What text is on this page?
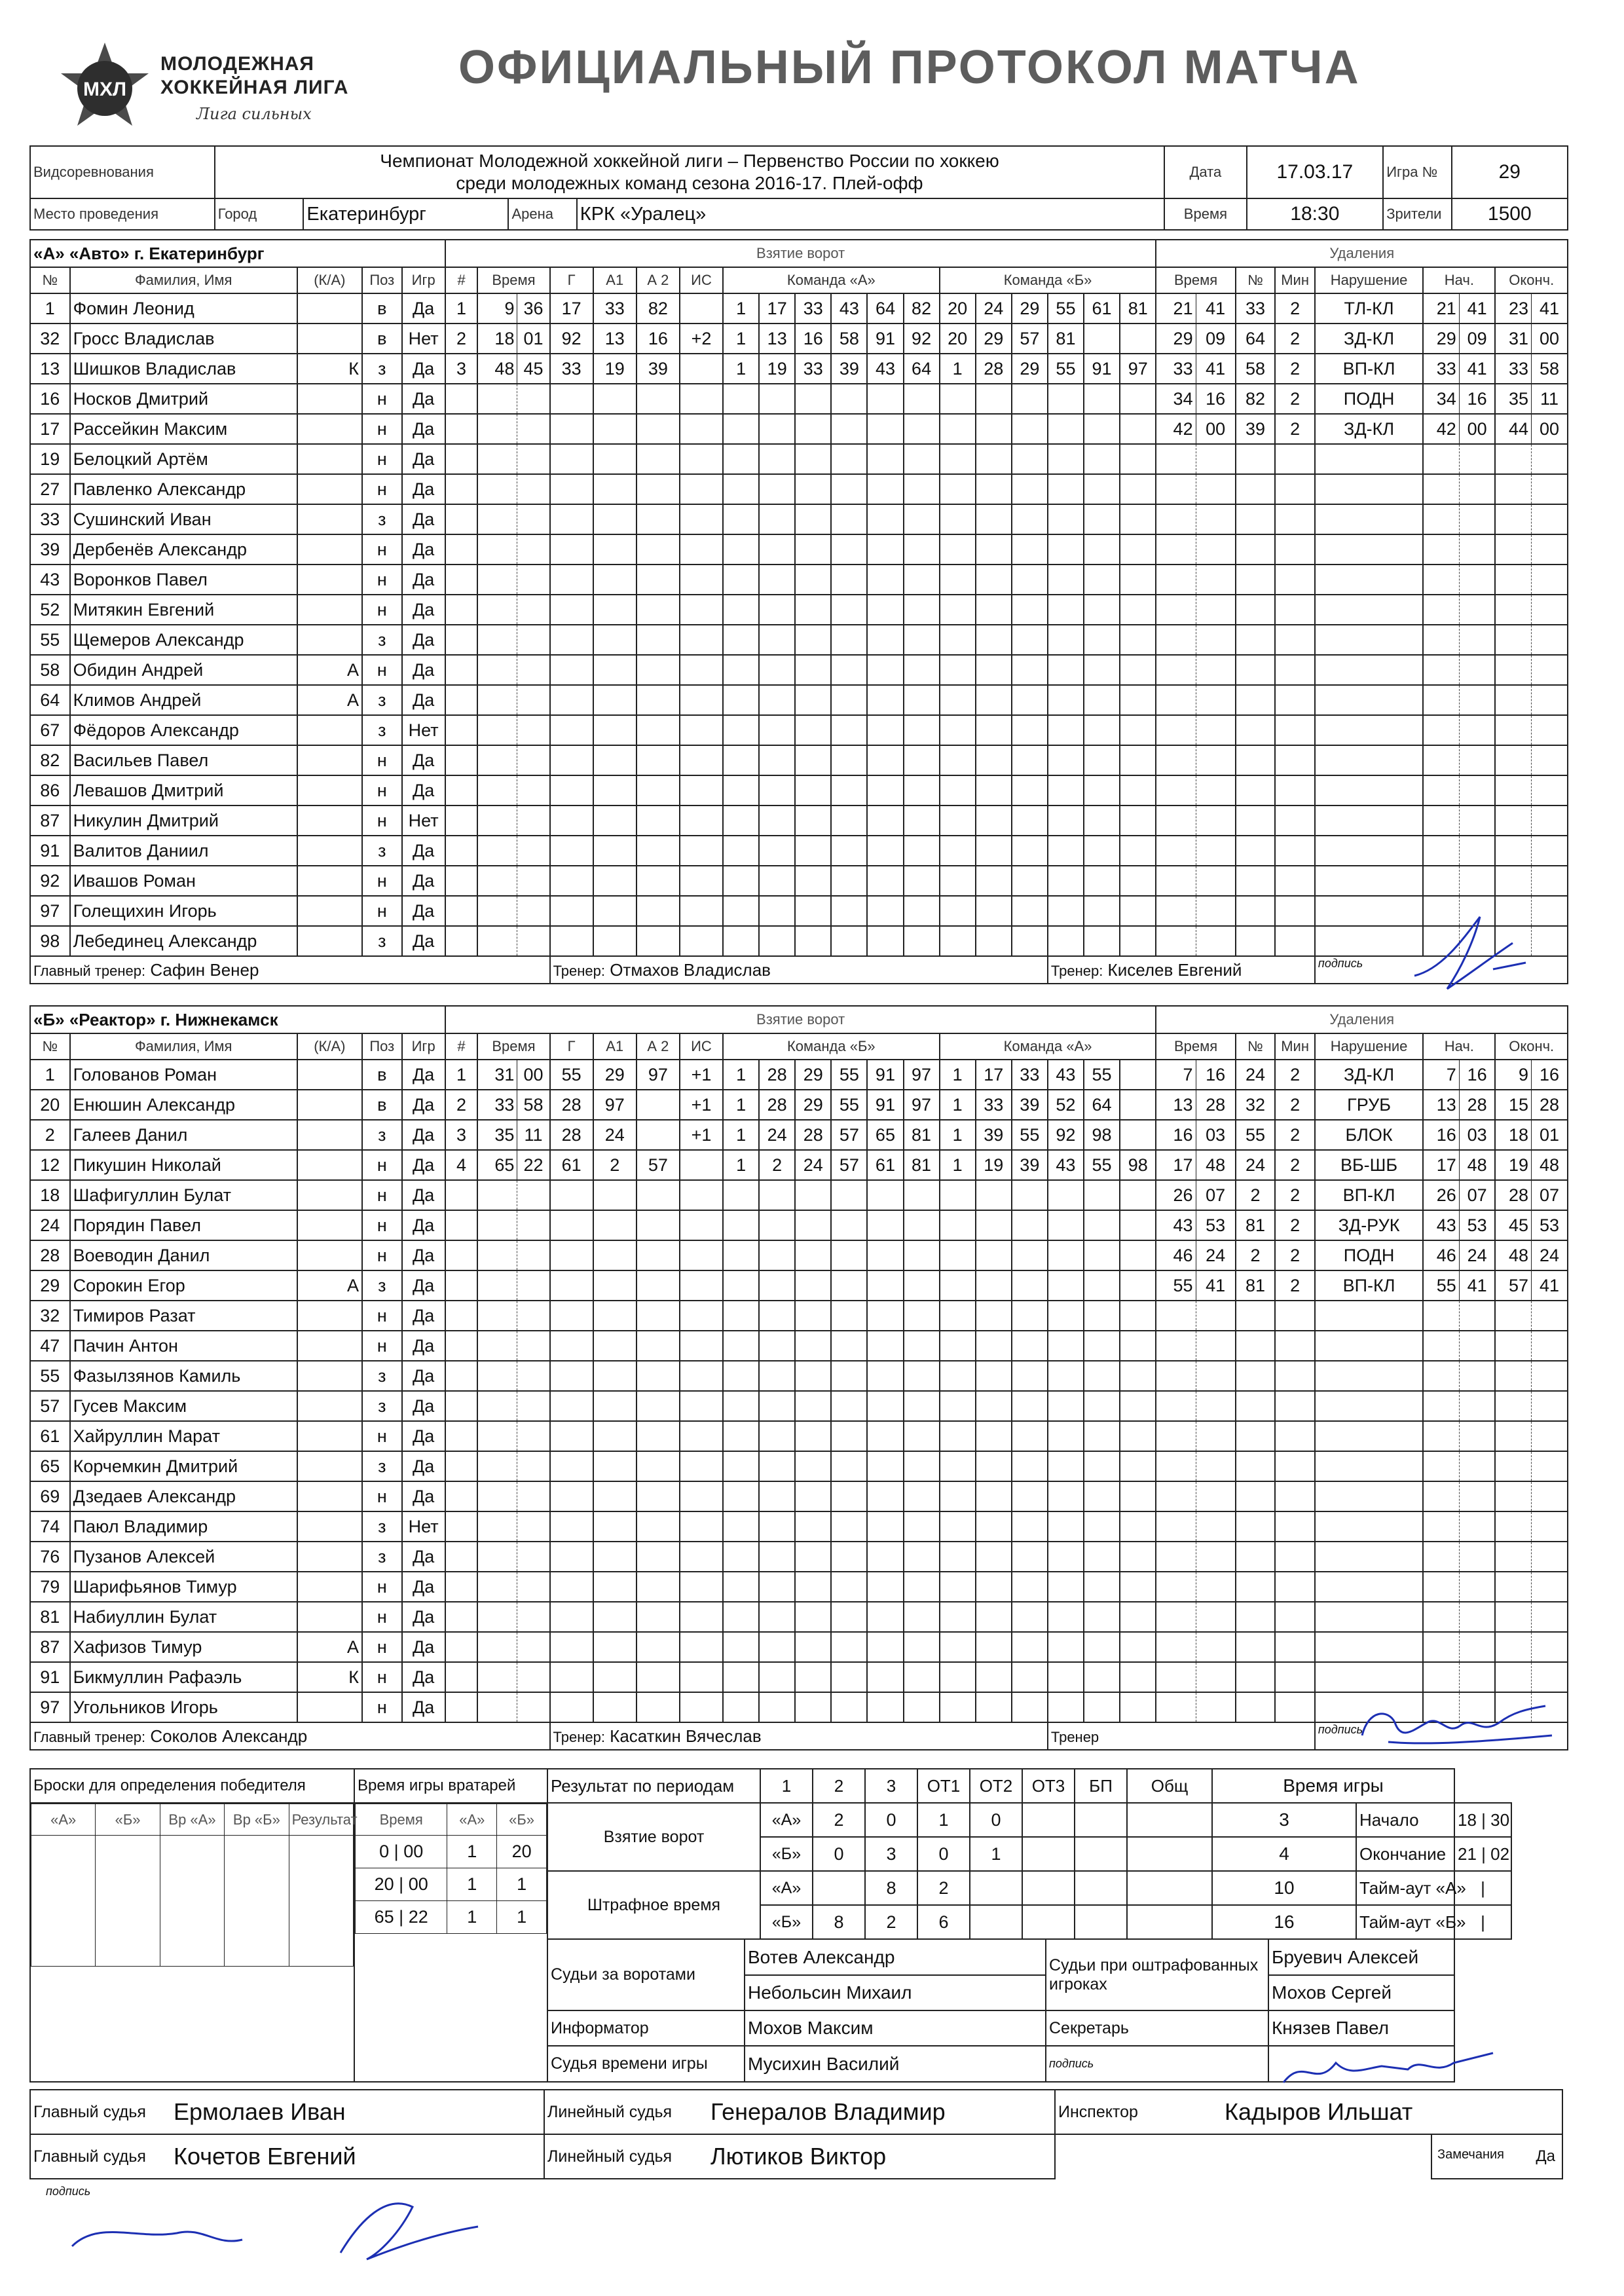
МХЛ
МОЛОДЕЖНАЯ
ХОККЕЙНАЯ ЛИГА
Лига сильных
ОФИЦИАЛЬНЫЙ ПРОТОКОЛ МАТЧА
Видсоревнования	Чемпионат Молодежной хоккейной лиги – Первенство России по хоккею
среди молодежных команд сезона 2016-17. Плей-офф				Дата	17.03.17	Игра №	29
Место проведения	Город	Екатеринбург	Арена	КРК «Уралец»	Время	18:30	Зрители	1500
«А» «Авто» г. Екатеринбург					Взятие ворот																			Удаления								
№	Фамилия, Имя	(К/А)	Поз	Игр	#	Время		Г	А1	А 2	ИС	Команда «А»						Команда «Б»						Время		№	Мин	Нарушение	Нач.		Оконч.	
1	Фомин Леонид		в	Да	1	9	36	17	33	82		1	17	33	43	64	82	20	24	29	55	61	81	21	41	33	2	ТЛ-КЛ	21	41	23	41
32	Гросс Владислав		в	Нет	2	18	01	92	13	16	+2	1	13	16	58	91	92	20	29	57	81			29	09	64	2	ЗД-КЛ	29	09	31	00
13	Шишков Владислав	К	з	Да	3	48	45	33	19	39		1	19	33	39	43	64	1	28	29	55	91	97	33	41	58	2	ВП-КЛ	33	41	33	58
16	Носков Дмитрий		н	Да																				34	16	82	2	ПОДН	34	16	35	11
17	Рассейкин Максим		н	Да																				42	00	39	2	ЗД-КЛ	42	00	44	00
19	Белоцкий Артём		н	Да																												
27	Павленко Александр		н	Да																												
33	Сушинский Иван		з	Да																												
39	Дербенёв Александр		н	Да																												
43	Воронков Павел		н	Да																												
52	Митякин Евгений		н	Да																												
55	Щемеров Александр		з	Да																												
58	Обидин Андрей	А	н	Да																												
64	Климов Андрей	А	з	Да																												
67	Фёдоров Александр		з	Нет																												
82	Васильев Павел		н	Да																												
86	Левашов Дмитрий		н	Да																												
87	Никулин Дмитрий		н	Нет																												
91	Валитов Даниил		з	Да																												
92	Ивашов Роман		н	Да																												
97	Голещихин Игорь		н	Да																												
98	Лебединец Александр		з	Да																												
Главный тренер: Сафин Венер								Тренер: Отмахов Владислав													Тренер: Киселев Евгений							подпись				
«Б» «Реактор» г. Нижнекамск					Взятие ворот																			Удаления								
№	Фамилия, Имя	(К/А)	Поз	Игр	#	Время		Г	А1	А 2	ИС	Команда «Б»						Команда «А»						Время		№	Мин	Нарушение	Нач.		Оконч.	
1	Голованов Роман		в	Да	1	31	00	55	29	97	+1	1	28	29	55	91	97	1	17	33	43	55		7	16	24	2	ЗД-КЛ	7	16	9	16
20	Енюшин Александр		в	Да	2	33	58	28	97		+1	1	28	29	55	91	97	1	33	39	52	64		13	28	32	2	ГРУБ	13	28	15	28
2	Галеев Данил		з	Да	3	35	11	28	24		+1	1	24	28	57	65	81	1	39	55	92	98		16	03	55	2	БЛОК	16	03	18	01
12	Пикушин Николай		н	Да	4	65	22	61	2	57		1	2	24	57	61	81	1	19	39	43	55	98	17	48	24	2	ВБ-ШБ	17	48	19	48
18	Шафигуллин Булат		н	Да																				26	07	2	2	ВП-КЛ	26	07	28	07
24	Порядин Павел		н	Да																				43	53	81	2	ЗД-РУК	43	53	45	53
28	Воеводин Данил		н	Да																				46	24	2	2	ПОДН	46	24	48	24
29	Сорокин Егор	А	з	Да																				55	41	81	2	ВП-КЛ	55	41	57	41
32	Тимиров Разат		н	Да																												
47	Пачин Антон		н	Да																												
55	Фазылзянов Камиль		з	Да																												
57	Гусев Максим		з	Да																												
61	Хайруллин Марат		н	Да																												
65	Корчемкин Дмитрий		з	Да																												
69	Дзедаев Александр		н	Да																												
74	Паюл Владимир		з	Нет																												
76	Пузанов Алексей		з	Да																												
79	Шарифьянов Тимур		н	Да																												
81	Набиуллин Булат		н	Да																												
87	Хафизов Тимур	А	н	Да																												
91	Бикмуллин Рафаэль	К	н	Да																												
97	Угольников Игорь		н	Да																												
Главный тренер: Соколов Александр								Тренер: Касаткин Вячеслав													Тренер							подпись				
Броски для определения победителя	Время игры вратарей	Результат по периодам	1	2	3	ОТ1	ОТ2	ОТ3	БП	Общ	Время игры

«А»	«Б»	Вр «А»	Вр «Б»	Результат

	Время	«А»	«Б»
0 | 00	1	20
20 | 00	1	1
65 | 22	1	1
	Взятие ворот	«А»	2	0	1	0				3	Начало	18 | 30
«Б»	0	3	0	1				4	Окончание	21 | 02
Штрафное время	«А»		8	2					10	Тайм-аут «А»	|
«Б»	8	2	6					16	Тайм-аут «Б»	|

Судьи за воротами	Вотев Александр	Судьи при оштрафованных игроках	Бруевич Алексей
Небольсин Михаил	Мохов Сергей
Информатор	Мохов Максим	Секретарь	Князев Павел
Судья времени игры	Мусихин Василий	подпись	

Главный судья	Ермолаев Иван	Линейный судья	Генералов Владимир	Инспектор	Кадыров Ильшат	
Главный судья	Кочетов Евгений	Линейный судья	Лютиков Виктор			Замечания Да
подпись
